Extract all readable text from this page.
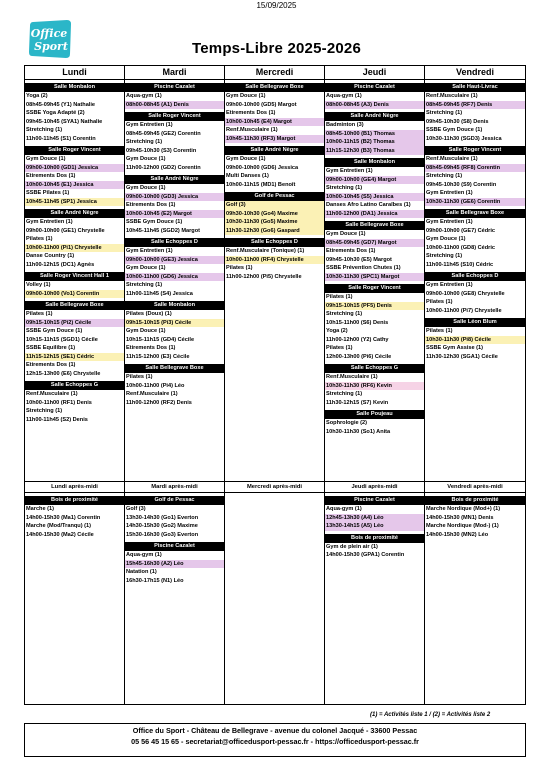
Office
Sport
15/09/2025
Temps-Libre 2025-2026
Lundi
Salle Monbalon
Yoga (2)
08h45-09h45 (Y1) Nathalie
SSBE Yoga Adapté (2)
09h45-10h45 (SYA1) Nathalie
Stretching (1)
11h00-11h45 (S1) Corentin
Salle Roger Vincent
Gym Douce (1)
09h00-10h00 (GD1) Jessica
Etirements Dos (1)
10h00-10h45 (E1) Jessica
SSBE Pilates (1)
10h45-11h45 (SP1) Jessica
Salle André Nègre
Gym Entretien (1)
09h00-10h00 (GE1) Chrystelle
Pilates (1)
10h00-11h00 (Pi1) Chrystelle
Danse Country (1)
11h00-12h15 (DC1) Agnès
Salle Roger Vincent Hall 1
Volley (1)
09h00-10h00 (Vo1) Corentin
Salle Bellegrave Boxe
Pilates (1)
09h15-10h15 (Pi2) Cécile
SSBE Gym Douce (1)
10h15-11h15 (SGD1) Cécile
SSBE Equilibre (1)
11h15-12h15 (SE1) Cédric
Etirements Dos (1)
12h15-13h00 (E6) Chrystelle
Salle Echoppes G
Renf.Musculaire (1)
10h00-11h00 (RF1) Denis
Stretching (1)
11h00-11h45 (S2) Denis
Lundi après-midi
Bois de proximité
Marche (1)
14h00-15h30 (Ma1) Corentin
Marche (Mod/Tranqu) (1)
14h00-15h30 (Ma2) Cécile
Mardi
Piscine Cazalet
Aqua-gym (1)
08h00-08h45 (A1) Denis
Salle Roger Vincent
Gym Entretien (1)
08h45-09h45 (GE2) Corentin
Stretching (1)
09h45-10h30 (S3) Corentin
Gym Douce (1)
11h00-12h00 (GD2) Corentin
Salle André Nègre
Gym Douce (1)
09h00-10h00 (GD3) Jessica
Etirements Dos (1)
10h00-10h45 (E2) Margot
SSBE Gym Douce (1)
10h45-11h45 (SGD2) Margot
Salle Echoppes D
Gym Entretien (1)
09h00-10h00 (GE3) Jessica
Gym Douce (1)
10h00-11h00 (GD6) Jessica
Stretching (1)
11h00-11h45 (S4) Jessica
Salle Monbalon
Pilates (Doux) (1)
09h15-10h15 (Pi3) Cécile
Gym Douce (1)
10h15-11h15 (GD4) Cécile
Etirements Dos (1)
11h15-12h00 (E3) Cécile
Salle Bellegrave Boxe
Pilates (1)
10h00-11h00 (Pi4) Léo
Renf.Musculaire (1)
11h00-12h00 (RF2) Denis
Mardi après-midi
Golf de Pessac
Golf (3)
13h30-14h30 (Go1) Everton
14h30-15h30 (Go2) Maxime
15h30-16h30 (Go3) Everton
Piscine Cazalet
Aqua-gym (1)
15h45-16h30 (A2) Léo
Natation (1)
16h30-17h15 (N1) Léo
Mercredi
Salle Bellegrave Boxe
Gym Douce (1)
09h00-10h00 (GD5) Margot
Etirements Dos (1)
10h00-10h45 (E4) Margot
Renf.Musculaire (1)
10h45-11h30 (RF3) Margot
Salle André Nègre
Gym Douce (1)
09h00-10h00 (GD6) Jessica
Multi Danses (1)
10h00-11h15 (MD1) Benoît
Golf de Pessac
Golf (3)
09h30-10h30 (Go4) Maxime
10h30-11h30 (Go5) Maxime
11h30-12h30 (Go6) Gaspard
Salle Echoppes D
Renf.Musculaire (Tonique) (1)
10h00-11h00 (RF4) Chrystelle
Pilates (1)
11h00-12h00 (Pi5) Chrystelle
Mercredi après-midi
Jeudi
Piscine Cazalet
Aqua-gym (1)
08h00-08h45 (A3) Denis
Salle André Nègre
Badminton (3)
08h45-10h00 (B1) Thomas
10h00-11h15 (B2) Thomas
11h15-12h30 (B3) Thomas
Salle Monbalon
Gym Entretien (1)
09h00-10h00 (GE4) Margot
Stretching (1)
10h00-10h45 (S5) Jessica
Danses Afro Latino Caraïbes (1)
11h00-12h00 (DA1) Jessica
Salle Bellegrave Boxe
Gym Douce (1)
08h45-09h45 (GD7) Margot
Etirements Dos (1)
09h45-10h30 (E5) Margot
SSBE Prévention Chutes (1)
10h30-11h30 (SPC1) Margot
Salle Roger Vincent
Pilates (1)
09h15-10h15 (PF5) Denis
Stretching (1)
10h15-11h00 (S6) Denis
Yoga (2)
11h00-12h00 (Y2) Cathy
Pilates (1)
12h00-13h00 (Pi6) Cécile
Salle Echoppes G
Renf.Musculaire (1)
10h30-11h30 (RF6) Kevin
Stretching (1)
11h30-12h15 (S7) Kevin
Salle Poujeau
Sophrologie (2)
10h30-11h30 (So1) Anita
Jeudi après-midi
Piscine Cazalet
Aqua-gym (1)
12h45-13h30 (A4) Léo
13h30-14h15 (A5) Léo
Bois de proximité
Gym de plein air (1)
14h00-15h30 (GPA1) Corentin
Vendredi
Salle Haut-Livrac
Renf.Musculaire (1)
08h45-09h45 (RF7) Denis
Stretching (1)
09h45-10h30 (S8) Denis
SSBE Gym Douce (1)
10h30-11h30 (SGD3) Jessica
Salle Roger Vincent
Renf.Musculaire (1)
08h45-09h45 (RF8) Corentin
Stretching (1)
09h45-10h30 (S9) Corentin
Gym Entretien (1)
10h30-11h30 (GE6) Corentin
Salle Bellegrave Boxe
Gym Entretien (1)
09h00-10h00 (GE7) Cédric
Gym Douce (1)
10h00-11h00 (GD8) Cédric
Stretching (1)
11h00-11h45 (S10) Cédric
Salle Echoppes D
Gym Entretien (1)
09h00-10h00 (GE8) Chrystelle
Pilates (1)
10h00-11h00 (Pi7) Chrystelle
Salle Léon Blum
Pilates (1)
10h30-11h30 (Pi8) Cécile
SSBE Gym Assise (1)
11h30-12h30 (SGA1) Cécile
Vendredi après-midi
Bois de proximité
Marche Nordique (Mod+) (1)
14h00-15h30 (MN1) Denis
Marche Nordique (Mod-) (1)
14h00-15h30 (MN2) Léo
(1) = Activités liste 1 / (2) = Activités liste 2
Office du Sport - Château de Bellegrave - avenue du colonel Jacqué - 33600 Pessac
05 56 45 15 65 - secretariat@officedusport-pessac.fr - https://officedusport-pessac.fr
